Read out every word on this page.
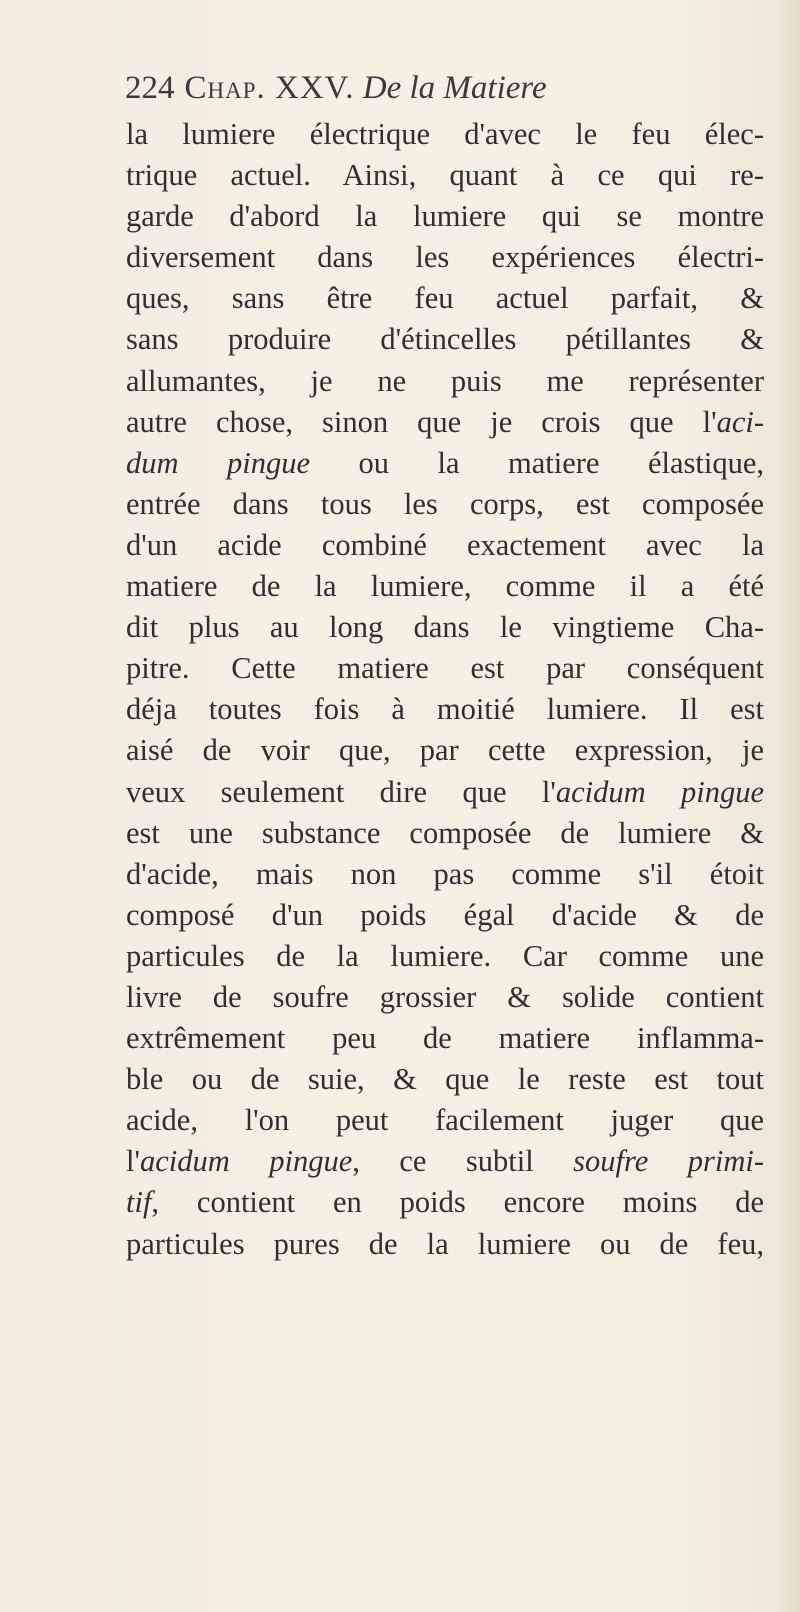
224 Chap. XXV. De la Matiere
la lumiere électrique d'avec le feu élec-
trique actuel. Ainsi, quant à ce qui re-
garde d'abord la lumiere qui se montre
diversement dans les expériences électri-
ques, sans être feu actuel parfait, &
sans produire d'étincelles pétillantes &
allumantes, je ne puis me représenter
autre chose, sinon que je crois que l'aci-
dum pingue ou la matiere élastique,
entrée dans tous les corps, est composée
d'un acide combiné exactement avec la
matiere de la lumiere, comme il a été
dit plus au long dans le vingtieme Cha-
pitre. Cette matiere est par conséquent
déja toutes fois à moitié lumiere. Il est
aisé de voir que, par cette expression, je
veux seulement dire que l'acidum pingue
est une substance composée de lumiere &
d'acide, mais non pas comme s'il étoit
composé d'un poids égal d'acide & de
particules de la lumiere. Car comme une
livre de soufre grossier & solide contient
extrêmement peu de matiere inflamma-
ble ou de suie, & que le reste est tout
acide, l'on peut facilement juger que
l'acidum pingue, ce subtil soufre primi-
tif, contient en poids encore moins de
particules pures de la lumiere ou de feu,
